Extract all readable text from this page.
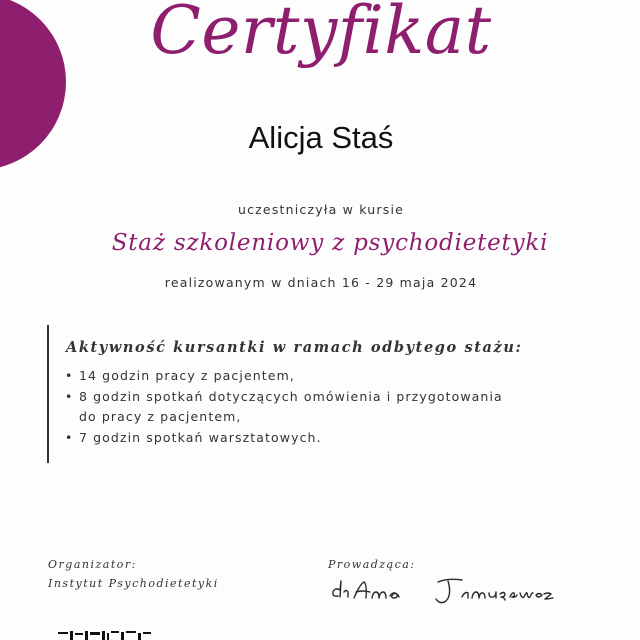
Certyfikat
Alicja Staś
uczestniczyła w kursie
Staż szkoleniowy z psychodietetyki
realizowanym w dniach 16 - 29 maja 2024
Aktywność kursantki w ramach odbytego stażu:
• 14 godzin pracy z pacjentem,
• 8 godzin spotkań dotyczących omówienia i przygotowania
do pracy z pacjentem,
• 7 godzin spotkań warsztatowych.
Organizator:
Instytut Psychodietetyki
Prowadząca:
